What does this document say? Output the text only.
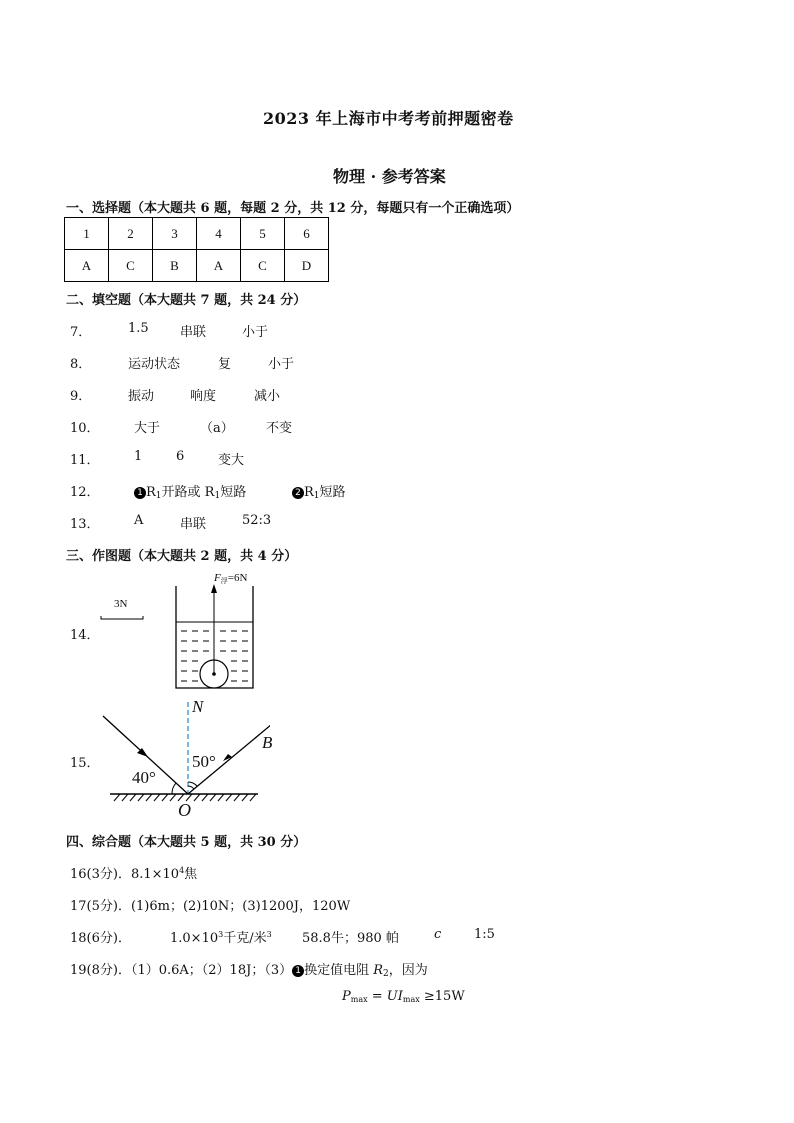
2023 年上海市中考考前押题密卷
物理 · 参考答案
一、选择题（本大题共 6 题，每题 2 分，共 12 分，每题只有一个正确选项）
1	2	3	4	5	6
A	C	B	A	C	D
二、填空题（本大题共 7 题，共 24 分）
7．	1.5 串联	小于
8．	运动状态	复	小于
9．	振动	响度	减小
10．	大于	（a） 不变
11．	1	6	变大
12．	1 $R_1$开路或 $R_1$短路	2 $R_1$短路
13．	A	串联	52:3
三、作图题（本大题共 2 题，共 4 分）
14．
3N
$F_浮=6N$
15．
N
B
50°
40°
O
四、综合题（本大题共 5 题，共 30 分）
16(3分)．$8.1\times 10^4$焦
17(5分)．(1)6m；(2)10N；(3)1200J，120W
18(6分)．	$1.0\times 10^3$千克/米$^3$ 58.8牛；980 帕	c	1:5
19(8分)．（1）0.6A；（2）18J；（3） 1 换定值电阻 $R_2$，因为
$P_{max} = UI_{max} \ge 15W$
